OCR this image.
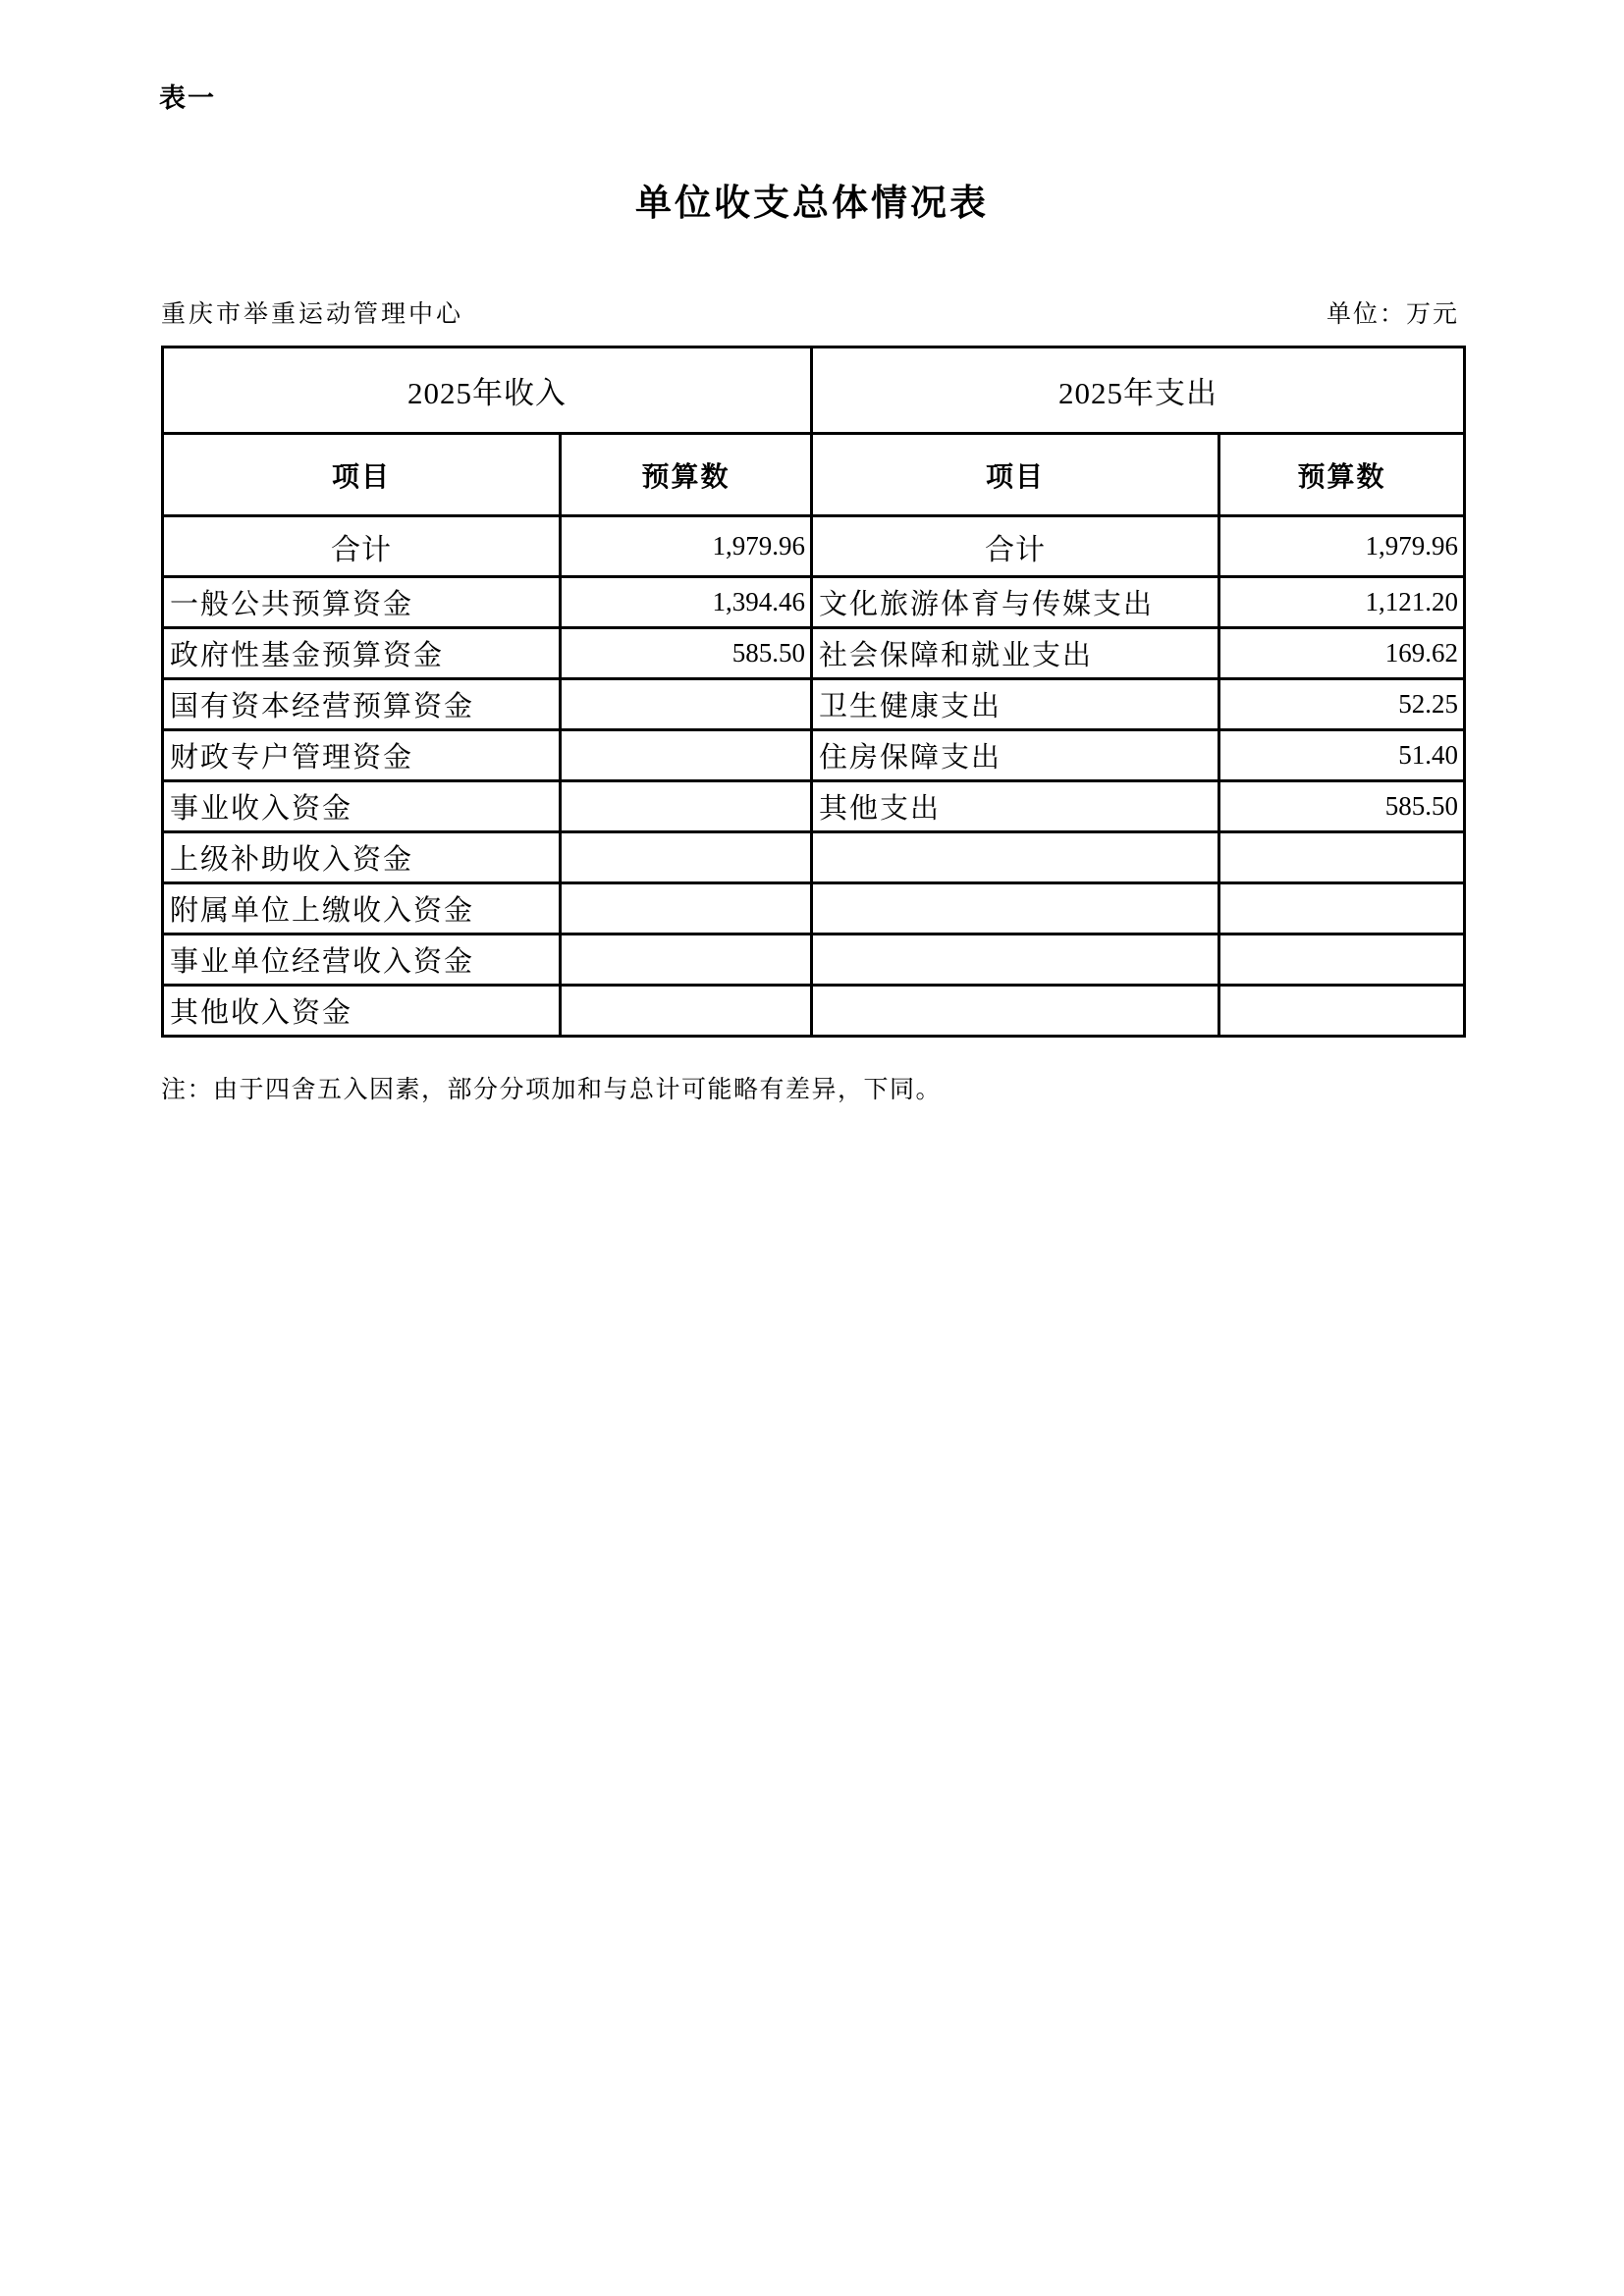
表一
单位收支总体情况表
重庆市举重运动管理中心	单位：万元
2025年收入		2025年支出	
项目	预算数	项目	预算数
合计	1,979.96	合计	1,979.96
一般公共预算资金	1,394.46	文化旅游体育与传媒支出	1,121.20
政府性基金预算资金	585.50	社会保障和就业支出	169.62
国有资本经营预算资金		卫生健康支出	52.25
财政专户管理资金		住房保障支出	51.40
事业收入资金		其他支出	585.50
上级补助收入资金			
附属单位上缴收入资金			
事业单位经营收入资金			
其他收入资金			
注：由于四舍五入因素，部分分项加和与总计可能略有差异，下同。
